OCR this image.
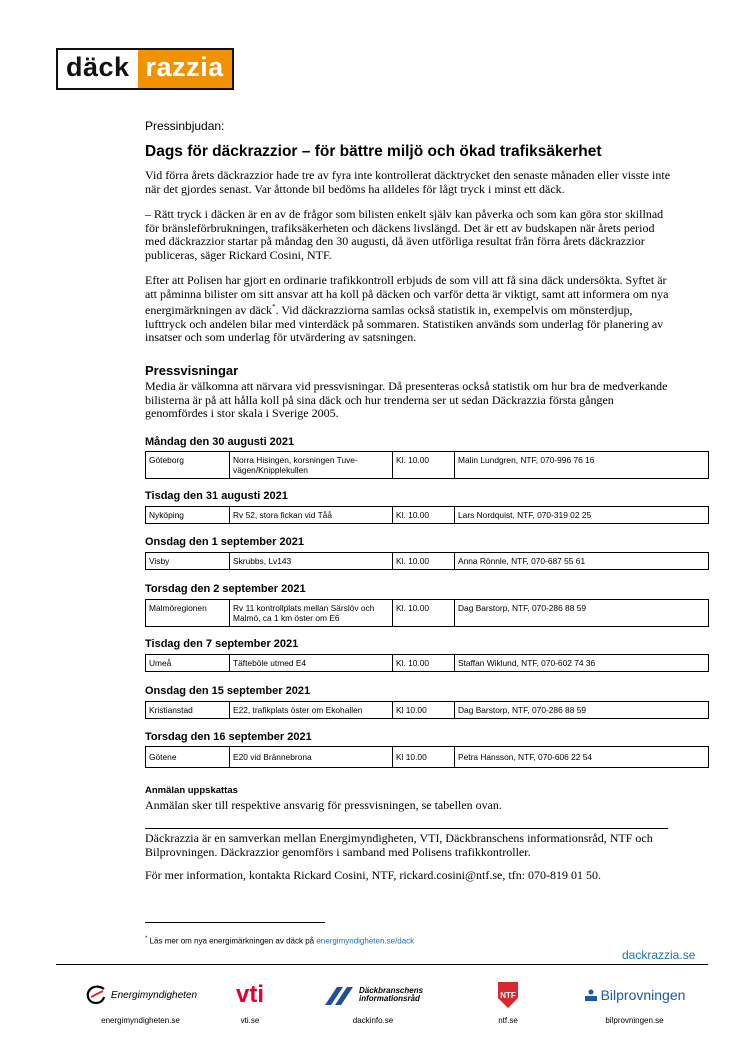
däck razzia
Pressinbjudan:
Dags för däckrazzior – för bättre miljö och ökad trafiksäkerhet
Vid förra årets däckrazzior hade tre av fyra inte kontrollerat däcktrycket den senaste månaden eller visste inte när det gjordes senast. Var åttonde bil bedöms ha alldeles för lågt tryck i minst ett däck.
– Rätt tryck i däcken är en av de frågor som bilisten enkelt själv kan påverka och som kan göra stor skillnad för bränsleförbrukningen, trafiksäkerheten och däckens livslängd. Det är ett av budskapen när årets period med däckrazzior startar på måndag den 30 augusti, då även utförliga resultat från förra årets däckrazzior publiceras, säger Rickard Cosini, NTF.
Efter att Polisen har gjort en ordinarie trafikkontroll erbjuds de som vill att få sina däck undersökta. Syftet är att påminna bilister om sitt ansvar att ha koll på däcken och varför detta är viktigt, samt att informera om nya energimärkningen av däck*. Vid däckrazziorna samlas också statistik in, exempelvis om mönsterdjup, lufttryck och andelen bilar med vinterdäck på sommaren. Statistiken används som underlag för planering av insatser och som underlag för utvärdering av satsningen.
Pressvisningar
Media är välkomna att närvara vid pressvisningar. Då presenteras också statistik om hur bra de medverkande bilisterna är på att hålla koll på sina däck och hur trenderna ser ut sedan Däckrazzia första gången genomfördes i stor skala i Sverige 2005.
Måndag den 30 augusti 2021
Göteborg	Norra Hisingen, korsningen Tuve-vägen/Knipplekullen	Kl. 10.00	Malin Lundgren, NTF, 070-996 76 16
Tisdag den 31 augusti 2021
Nyköping	Rv 52, stora fickan vid Tåå	Kl. 10.00	Lars Nordquist, NTF, 070-319 02 25
Onsdag den 1 september 2021
Visby	Skrubbs, Lv143	Kl. 10.00	Anna Rönnle, NTF, 070-687 55 61
Torsdag den 2 september 2021
Malmöregionen	Rv 11 kontrollplats mellan Särslöv och Malmö, ca 1 km öster om E6	Kl. 10.00	Dag Barstorp, NTF, 070-286 88 59
Tisdag den 7 september 2021
Umeå	Täfteböle utmed E4	Kl. 10.00	Staffan Wiklund, NTF, 070-602 74 36
Onsdag den 15 september 2021
Kristianstad	E22, trafikplats öster om Ekohallen	Kl 10.00	Dag Barstorp, NTF, 070-286 88 59
Torsdag den 16 september 2021
Götene	E20 vid Brännebrona	Kl 10.00	Petra Hansson, NTF, 070-606 22 54
Anmälan uppskattas
Anmälan sker till respektive ansvarig för pressvisningen, se tabellen ovan.
Däckrazzia är en samverkan mellan Energimyndigheten, VTI, Däckbranschens informationsråd, NTF och Bilprovningen. Däckrazzior genomförs i samband med Polisens trafikkontroller.
För mer information, kontakta Rickard Cosini, NTF, rickard.cosini@ntf.se, tfn: 070-819 01 50.
* Läs mer om nya energimärkningen av däck på energimyndigheten.se/dack
dackrazzia.se
Energimyndigheten
energimyndigheten.se
vti
vti.se
Däckbranschens informationsråd
dackinfo.se
NTF
ntf.se
Bilprovningen
bilprovningen.se
